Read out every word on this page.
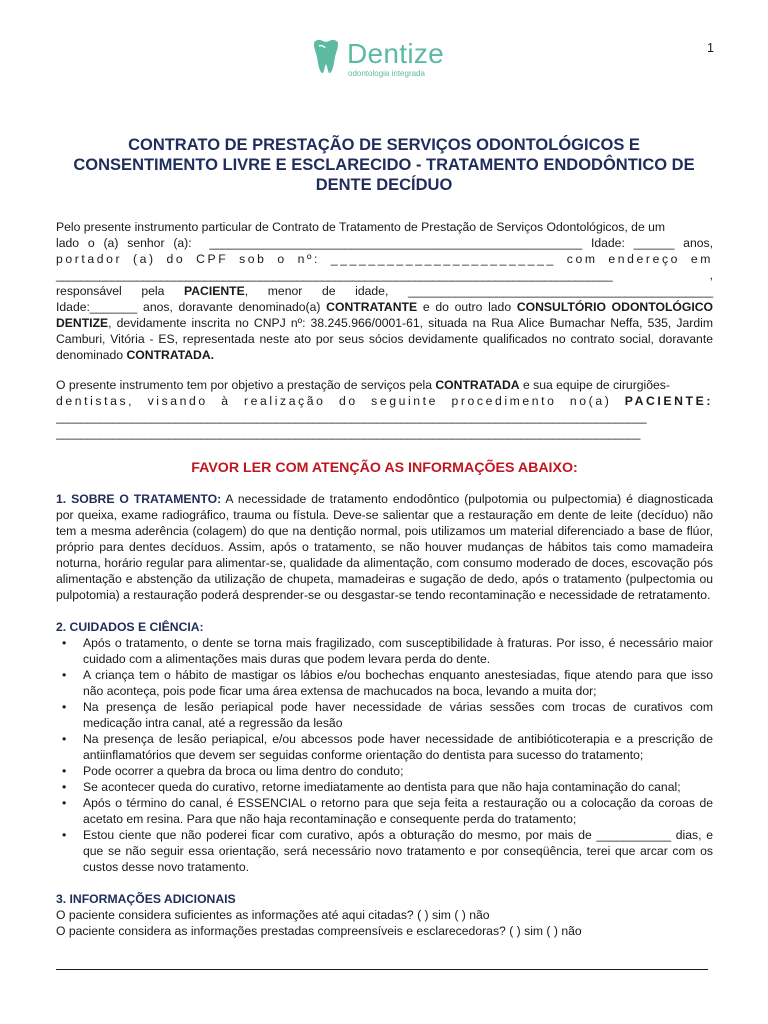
1
Dentize
odontologia integrada
CONTRATO DE PRESTAÇÃO DE SERVIÇOS ODONTOLÓGICOS E CONSENTIMENTO LIVRE E ESCLARECIDO - TRATAMENTO ENDODÔNTICO DE DENTE DECÍDUO

Pelo presente instrumento particular de Contrato de Tratamento de Prestação de Serviços Odontológicos, de um

lado o (a) senhor (a): _______________________________________________________ Idade: ______ anos,
portador (a) do CPF sob o nº: ________________________ com endereço em
__________________________________________________________________________________________	,
responsável pela PACIENTE, menor de idade, _____________________________________________
Idade:_______ anos, doravante denominado(a) CONTRATANTE e do outro lado CONSULTÓRIO ODONTOLÓGICO DENTIZE, devidamente inscrita no CNPJ nº: 38.245.966/0001-61, situada na Rua Alice Bumachar Neffa, 535, Jardim Camburi, Vitória - ES, representada neste ato por seus sócios devidamente qualificados no contrato social, doravante denominado CONTRATADA.

O presente instrumento tem por objetivo a prestação de serviços pela CONTRATADA e sua equipe de cirurgiões-

dentistas, visando à realização do seguinte procedimento no(a) PACIENTE:
______________________________________________________________________________________________
_____________________________________________________________________________________________

FAVOR LER COM ATENÇÃO AS INFORMAÇÕES ABAIXO:

1. SOBRE O TRATAMENTO: A necessidade de tratamento endodôntico (pulpotomia ou pulpectomia) é diagnosticada por queixa, exame radiográfico, trauma ou fístula. Deve-se salientar que a restauração em dente de leite (decíduo) não tem a mesma aderência (colagem) do que na dentição normal, pois utilizamos um material diferenciado a base de flúor, próprio para dentes decíduos. Assim, após o tratamento, se não houver mudanças de hábitos tais como mamadeira noturna, horário regular para alimentar-se, qualidade da alimentação, com consumo moderado de doces, escovação pós alimentação e abstenção da utilização de chupeta, mamadeiras e sugação de dedo, após o tratamento (pulpectomia ou pulpotomia) a restauração poderá desprender-se ou desgastar-se tendo recontaminação e necessidade de retratamento.

2. CUIDADOS E CIÊNCIA:

• Após o tratamento, o dente se torna mais fragilizado, com susceptibilidade à fraturas. Por isso, é necessário maior cuidado com a alimentações mais duras que podem levara perda do dente.
• A criança tem o hábito de mastigar os lábios e/ou bochechas enquanto anestesiadas, fique atendo para que isso não aconteça, pois pode ficar uma área extensa de machucados na boca, levando a muita dor;
• Na presença de lesão periapical pode haver necessidade de várias sessões com trocas de curativos com medicação intra canal, até a regressão da lesão
• Na presença de lesão periapical, e/ou abcessos pode haver necessidade de antibióticoterapia e a prescrição de antiinflamatórios que devem ser seguidas conforme orientação do dentista para sucesso do tratamento;
• Pode ocorrer a quebra da broca ou lima dentro do conduto;
• Se acontecer queda do curativo, retorne imediatamente ao dentista para que não haja contaminação do canal;
• Após o término do canal, é ESSENCIAL o retorno para que seja feita a restauração ou a colocação da coroas de acetato em resina. Para que não haja recontaminação e consequente perda do tratamento;
• Estou ciente que não poderei ficar com curativo, após a obturação do mesmo, por mais de ___________ dias, e que se não seguir essa orientação, será necessário novo tratamento e por conseqüência, terei que arcar com os custos desse novo tratamento.

3. INFORMAÇÕES ADICIONAIS

O paciente considera suficientes as informações até aqui citadas? ( ) sim ( ) não

O paciente considera as informações prestadas compreensíveis e esclarecedoras? ( ) sim ( ) não
